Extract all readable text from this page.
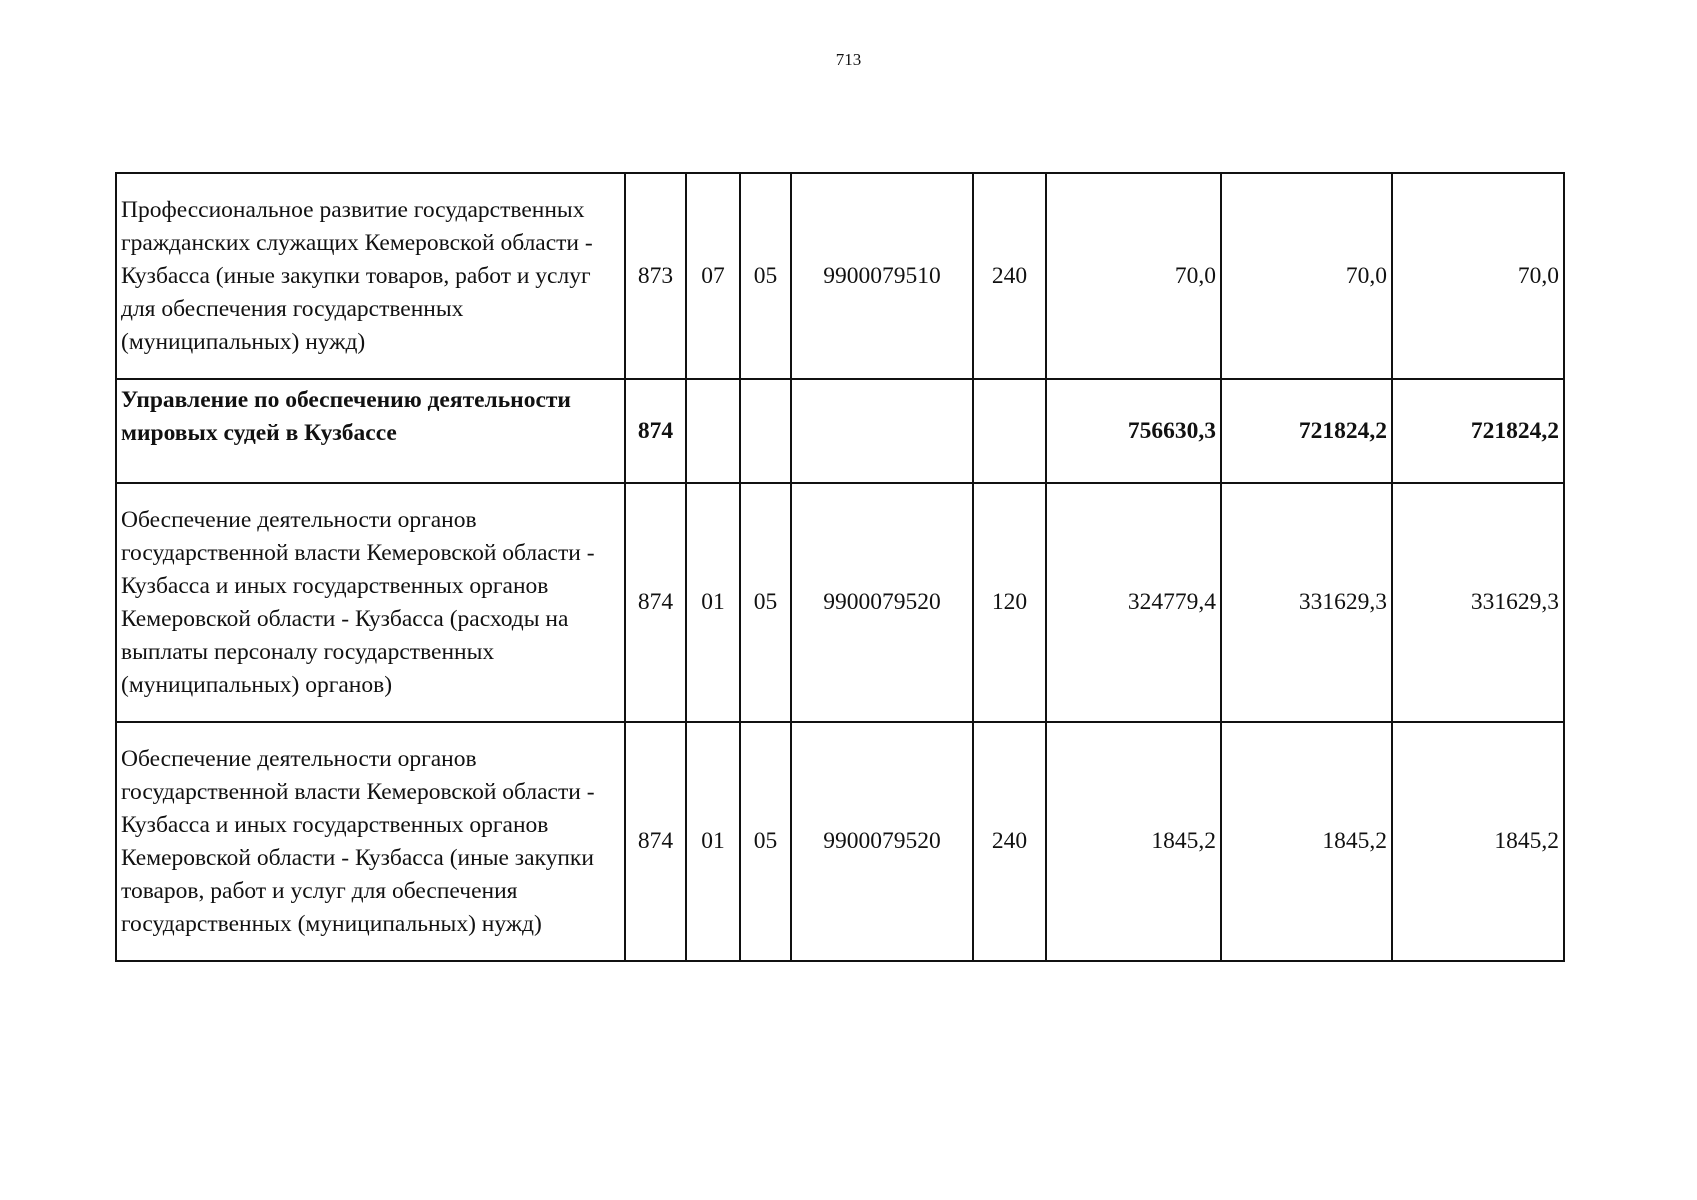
713
Профессиональное развитие государственных гражданских служащих Кемеровской области - Кузбасса (иные закупки товаров, работ и услуг для обеспечения государственных (муниципальных) нужд)	873	07	05	9900079510	240	70,0	70,0	70,0
Управление по обеспечению деятельности мировых судей в Кузбассе	874					756630,3	721824,2	721824,2
Обеспечение деятельности органов государственной власти Кемеровской области - Кузбасса и иных государственных органов Кемеровской области - Кузбасса (расходы на выплаты персоналу государственных (муниципальных) органов)	874	01	05	9900079520	120	324779,4	331629,3	331629,3
Обеспечение деятельности органов государственной власти Кемеровской области - Кузбасса и иных государственных органов Кемеровской области - Кузбасса (иные закупки товаров, работ и услуг для обеспечения государственных (муниципальных) нужд)	874	01	05	9900079520	240	1845,2	1845,2	1845,2
